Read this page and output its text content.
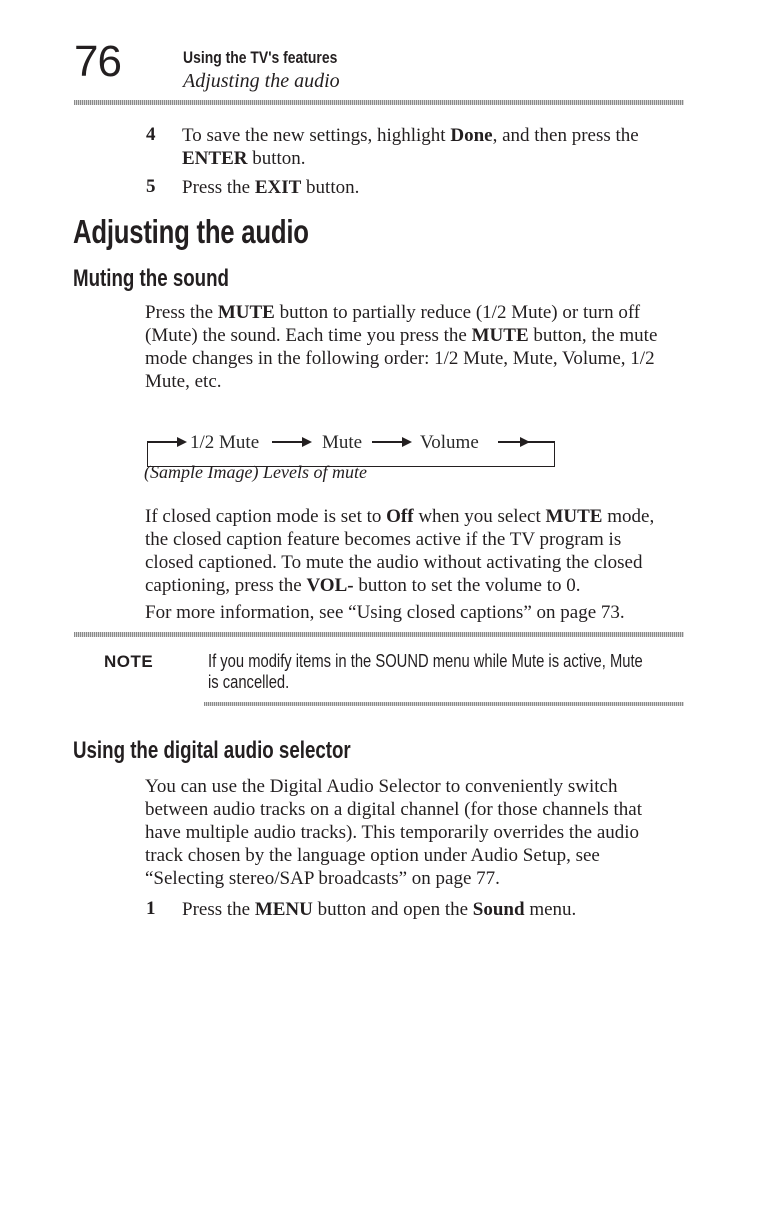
76	Using the TV's features
Adjusting the audio
4 To save the new settings, highlight Done, and then press the
ENTER button.
5 Press the EXIT button.
Adjusting the audio
Muting the sound
Press the MUTE button to partially reduce (1/2 Mute) or turn off
(Mute) the sound. Each time you press the MUTE button, the mute
mode changes in the following order: 1/2 Mute, Mute, Volume, 1/2
Mute, etc.
1/2 Mute	Mute	Volume
(Sample Image) Levels of mute
If closed caption mode is set to Off when you select MUTE mode,
the closed caption feature becomes active if the TV program is
closed captioned. To mute the audio without activating the closed
captioning, press the VOL- button to set the volume to 0.
For more information, see “Using closed captions” on page 73.
NOTE	If you modify items in the SOUND menu while Mute is active, Mute
is cancelled.
Using the digital audio selector
You can use the Digital Audio Selector to conveniently switch
between audio tracks on a digital channel (for those channels that
have multiple audio tracks). This temporarily overrides the audio
track chosen by the language option under Audio Setup, see
“Selecting stereo/SAP broadcasts” on page 77.
1 Press the MENU button and open the Sound menu.
